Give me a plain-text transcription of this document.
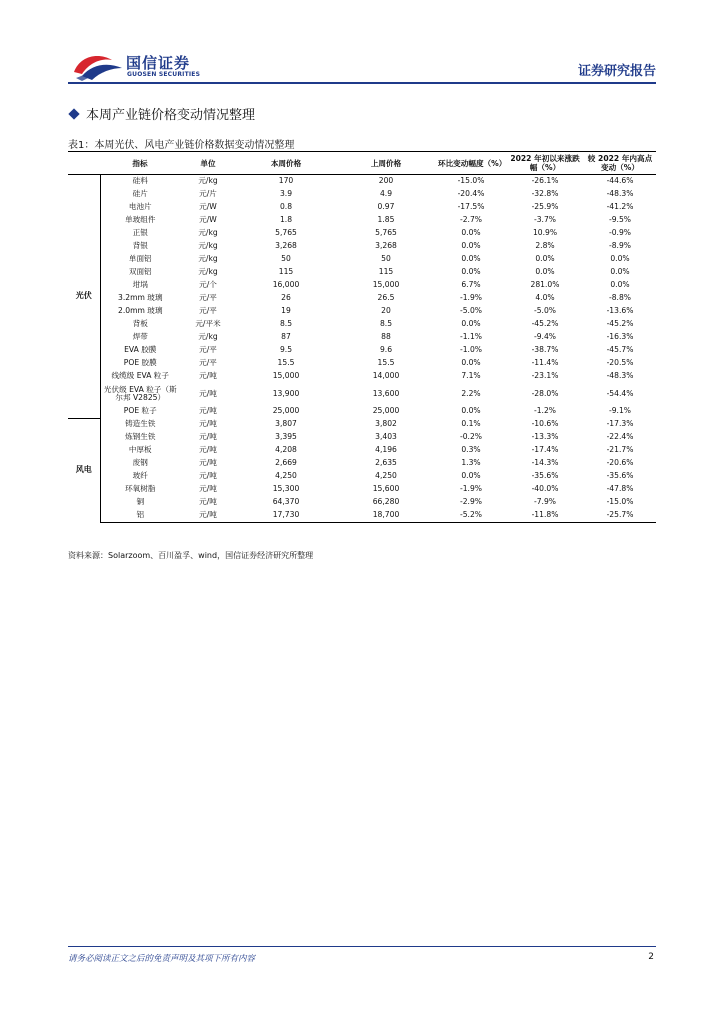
国信证券
GUOSEN SECURITIES	证券研究报告
本周产业链价格变动情况整理
表1：本周光伏、风电产业链价格数据变动情况整理
	指标	单位	本周价格	上周价格	环比变动幅度（%）	2022 年初以来涨跌幅（%）	较 2022 年内高点变动（%）
光伏	硅料	元/kg	170	200	-15.0%	-26.1%	-44.6%
	硅片	元/片	3.9	4.9	-20.4%	-32.8%	-48.3%
	电池片	元/W	0.8	0.97	-17.5%	-25.9%	-41.2%
	单玻组件	元/W	1.8	1.85	-2.7%	-3.7%	-9.5%
	正银	元/kg	5,765	5,765	0.0%	10.9%	-0.9%
	背银	元/kg	3,268	3,268	0.0%	2.8%	-8.9%
	单面铝	元/kg	50	50	0.0%	0.0%	0.0%
	双面铝	元/kg	115	115	0.0%	0.0%	0.0%
	坩埚	元/个	16,000	15,000	6.7%	281.0%	0.0%
	3.2mm 玻璃	元/平	26	26.5	-1.9%	4.0%	-8.8%
	2.0mm 玻璃	元/平	19	20	-5.0%	-5.0%	-13.6%
	背板	元/平米	8.5	8.5	0.0%	-45.2%	-45.2%
	焊带	元/kg	87	88	-1.1%	-9.4%	-16.3%
	EVA 胶膜	元/平	9.5	9.6	-1.0%	-38.7%	-45.7%
	POE 胶膜	元/平	15.5	15.5	0.0%	-11.4%	-20.5%
	线缆级 EVA 粒子	元/吨	15,000	14,000	7.1%	-23.1%	-48.3%
	光伏级 EVA 粒子（斯尔邦 V2825）	元/吨	13,900	13,600	2.2%	-28.0%	-54.4%
	POE 粒子	元/吨	25,000	25,000	0.0%	-1.2%	-9.1%
风电	铸造生铁	元/吨	3,807	3,802	0.1%	-10.6%	-17.3%
	炼钢生铁	元/吨	3,395	3,403	-0.2%	-13.3%	-22.4%
	中厚板	元/吨	4,208	4,196	0.3%	-17.4%	-21.7%
	废钢	元/吨	2,669	2,635	1.3%	-14.3%	-20.6%
	玻纤	元/吨	4,250	4,250	0.0%	-35.6%	-35.6%
	环氧树脂	元/吨	15,300	15,600	-1.9%	-40.0%	-47.8%
	铜	元/吨	64,370	66,280	-2.9%	-7.9%	-15.0%
	铝	元/吨	17,730	18,700	-5.2%	-11.8%	-25.7%
资料来源：Solarzoom、百川盈孚、wind，国信证券经济研究所整理
请务必阅读正文之后的免责声明及其项下所有内容	2
